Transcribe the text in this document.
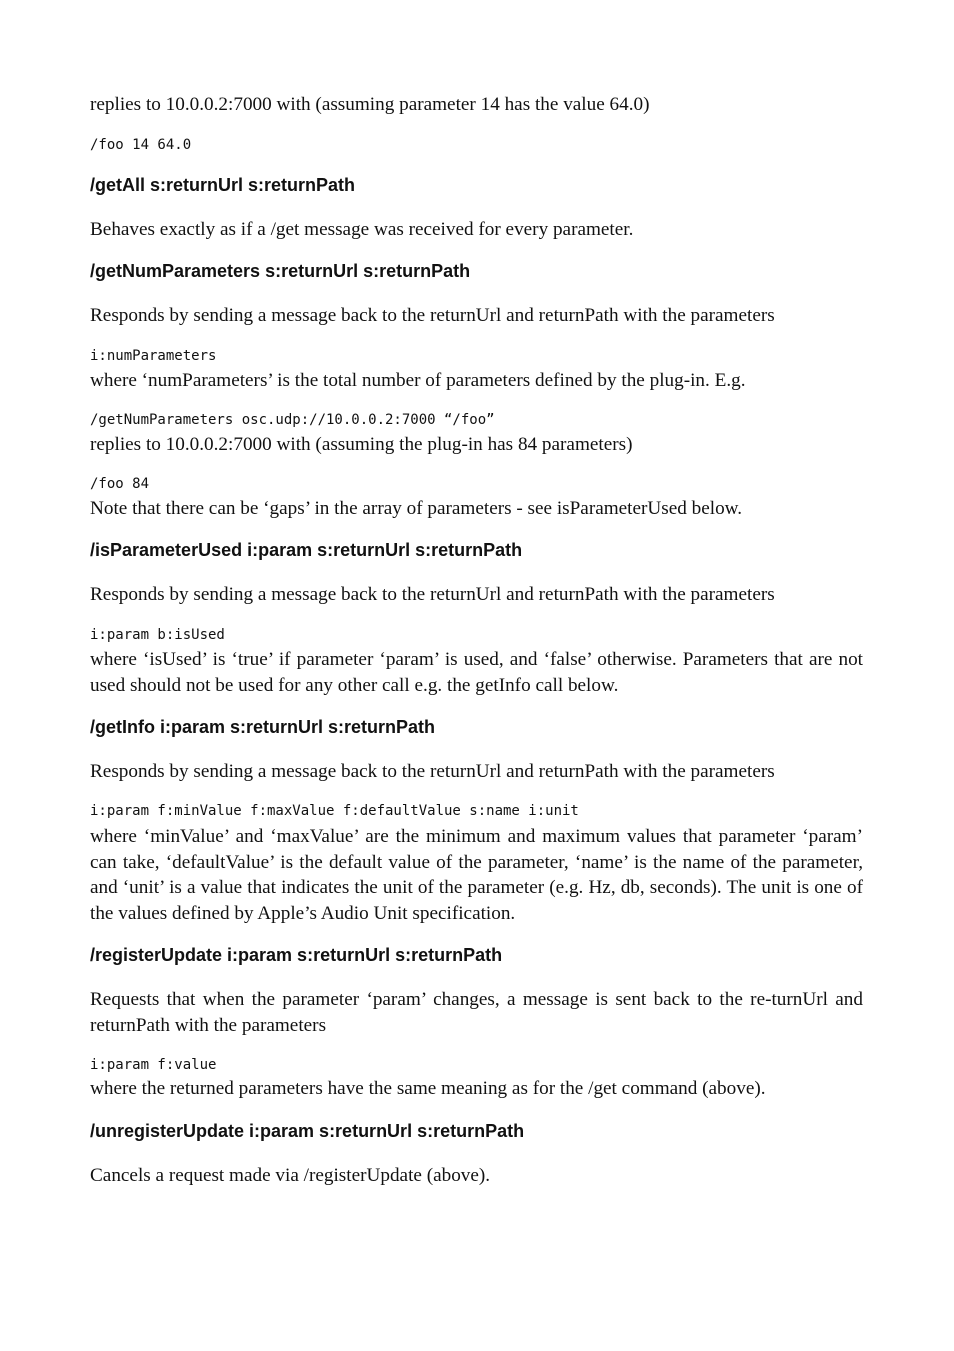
replies to 10.0.0.2:7000 with (assuming parameter 14 has the value 64.0)
/foo 14 64.0
/getAll s:returnUrl s:returnPath
Behaves exactly as if a /get message was received for every parameter.
/getNumParameters s:returnUrl s:returnPath
Responds by sending a message back to the returnUrl and returnPath with the parameters
i:numParameters
where ‘numParameters’ is the total number of parameters defined by the plug-in. E.g.
/getNumParameters osc.udp://10.0.0.2:7000 “/foo”
replies to 10.0.0.2:7000 with (assuming the plug-in has 84 parameters)
/foo 84
Note that there can be ‘gaps’ in the array of parameters - see isParameterUsed below.
/isParameterUsed i:param s:returnUrl s:returnPath
Responds by sending a message back to the returnUrl and returnPath with the parameters
i:param b:isUsed
where ‘isUsed’ is ‘true’ if parameter ‘param’ is used, and ‘false’ otherwise. Parameters that are not used should not be used for any other call e.g. the getInfo call below.
/getInfo i:param s:returnUrl s:returnPath
Responds by sending a message back to the returnUrl and returnPath with the parameters
i:param f:minValue f:maxValue f:defaultValue s:name i:unit
where ‘minValue’ and ‘maxValue’ are the minimum and maximum values that parameter ‘param’ can take, ‘defaultValue’ is the default value of the parameter, ‘name’ is the name of the parameter, and ‘unit’ is a value that indicates the unit of the parameter (e.g. Hz, db, seconds). The unit is one of the values defined by Apple’s Audio Unit specification.
/registerUpdate i:param s:returnUrl s:returnPath
Requests that when the parameter ‘param’ changes, a message is sent back to the re-turnUrl and returnPath with the parameters
i:param f:value
where the returned parameters have the same meaning as for the /get command (above).
/unregisterUpdate i:param s:returnUrl s:returnPath
Cancels a request made via /registerUpdate (above).
